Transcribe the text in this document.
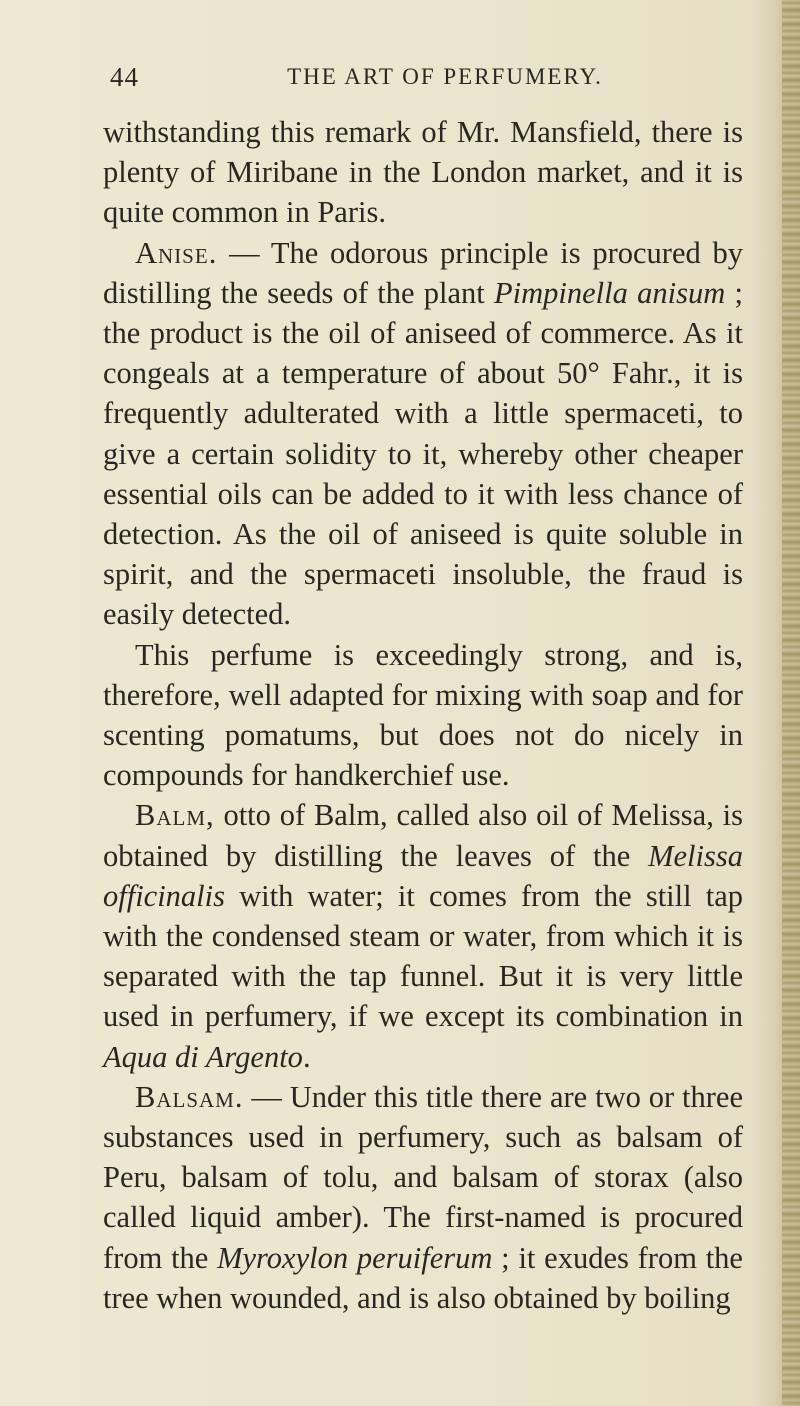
44	THE ART OF PERFUMERY.

withstanding this remark of Mr. Mansfield, there is plenty of Miribane in the London market, and it is quite common in Paris.

Anise. — The odorous principle is procured by distilling the seeds of the plant Pimpinella anisum ; the product is the oil of aniseed of commerce. As it congeals at a temperature of about 50° Fahr., it is frequently adulterated with a little spermaceti, to give a certain solidity to it, whereby other cheaper essential oils can be added to it with less chance of detection. As the oil of aniseed is quite soluble in spirit, and the spermaceti insoluble, the fraud is easily detected.

This perfume is exceedingly strong, and is, therefore, well adapted for mixing with soap and for scenting pomatums, but does not do nicely in compounds for handkerchief use.

Balm, otto of Balm, called also oil of Melissa, is obtained by distilling the leaves of the Melissa officinalis with water; it comes from the still tap with the condensed steam or water, from which it is separated with the tap funnel. But it is very little used in perfumery, if we except its combination in Aqua di Argento.

Balsam. — Under this title there are two or three substances used in perfumery, such as balsam of Peru, balsam of tolu, and balsam of storax (also called liquid amber). The first-named is procured from the Myroxylon peruiferum ; it exudes from the tree when wounded, and is also obtained by boiling
